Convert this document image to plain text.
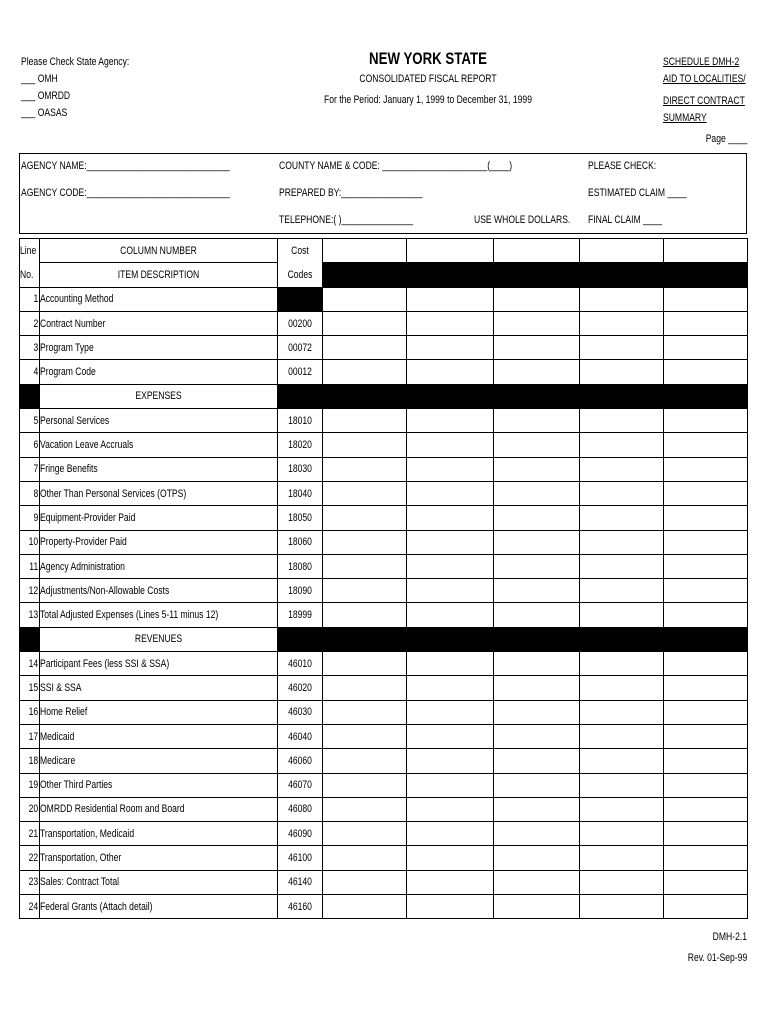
Please Check State Agency:
___ OMH
___ OMRDD
___ OASAS
NEW YORK STATE
CONSOLIDATED FISCAL REPORT
For the Period: January 1, 1999 to December 31, 1999
SCHEDULE DMH-2
AID TO LOCALITIES/
DIRECT CONTRACT
SUMMARY
Page ____
AGENCY NAME:______________________________
AGENCY CODE:______________________________
COUNTY NAME & CODE: ______________________(____)
PREPARED BY:_________________
TELEPHONE:( )_______________	USE WHOLE DOLLARS.
PLEASE CHECK:
ESTIMATED CLAIM ____
FINAL CLAIM ____
Line	COLUMN NUMBER	Cost						

No.	ITEM DESCRIPTION	Codes						

1	Accounting Method							

2	Contract Number	00200						

3	Program Type	00072						

4	Program Code	00012						

	EXPENSES							

5	Personal Services	18010						

6	Vacation Leave Accruals	18020						

7	Fringe Benefits	18030						

8	Other Than Personal Services (OTPS)	18040						

9	Equipment-Provider Paid	18050						

10	Property-Provider Paid	18060						

11	Agency Administration	18080						

12	Adjustments/Non-Allowable Costs	18090						

13	Total Adjusted Expenses (Lines 5-11 minus 12)	18999						

	REVENUES							

14	Participant Fees (less SSI & SSA)	46010						

15	SSI & SSA	46020						

16	Home Relief	46030						

17	Medicaid	46040						

18	Medicare	46060						

19	Other Third Parties	46070						

20	OMRDD Residential Room and Board	46080						

21	Transportation, Medicaid	46090						

22	Transportation, Other	46100						

23	Sales: Contract Total	46140						

24	Federal Grants (Attach detail)	46160						

DMH-2.1
Rev. 01-Sep-99
